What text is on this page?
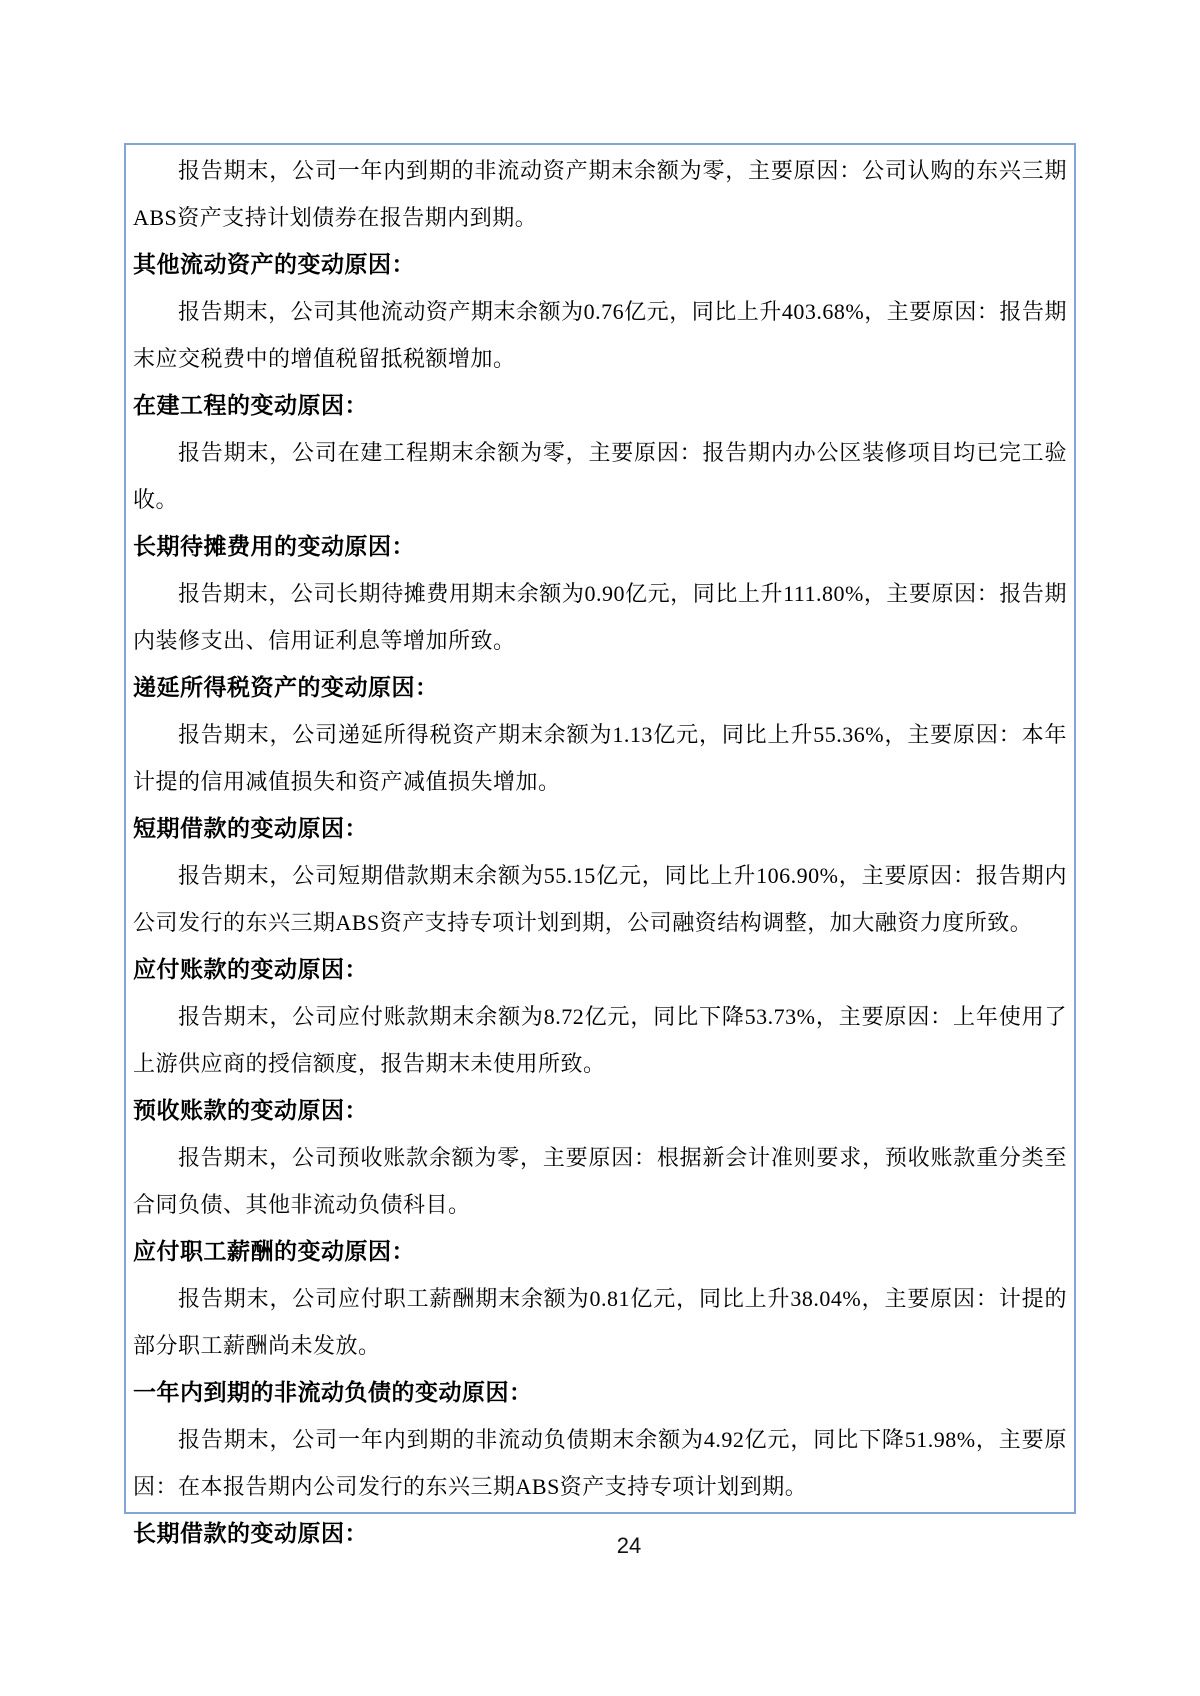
报告期末，公司一年内到期的非流动资产期末余额为零，主要原因：公司认购的东兴三期ABS资产支持计划债券在报告期内到期。
其他流动资产的变动原因：
报告期末，公司其他流动资产期末余额为0.76亿元，同比上升403.68%，主要原因：报告期末应交税费中的增值税留抵税额增加。
在建工程的变动原因：
报告期末，公司在建工程期末余额为零，主要原因：报告期内办公区装修项目均已完工验收。
长期待摊费用的变动原因：
报告期末，公司长期待摊费用期末余额为0.90亿元，同比上升111.80%，主要原因：报告期内装修支出、信用证利息等增加所致。
递延所得税资产的变动原因：
报告期末，公司递延所得税资产期末余额为1.13亿元，同比上升55.36%，主要原因：本年计提的信用减值损失和资产减值损失增加。
短期借款的变动原因：
报告期末，公司短期借款期末余额为55.15亿元，同比上升106.90%，主要原因：报告期内公司发行的东兴三期ABS资产支持专项计划到期，公司融资结构调整，加大融资力度所致。
应付账款的变动原因：
报告期末，公司应付账款期末余额为8.72亿元，同比下降53.73%，主要原因：上年使用了上游供应商的授信额度，报告期末未使用所致。
预收账款的变动原因：
报告期末，公司预收账款余额为零，主要原因：根据新会计准则要求，预收账款重分类至合同负债、其他非流动负债科目。
应付职工薪酬的变动原因：
报告期末，公司应付职工薪酬期末余额为0.81亿元，同比上升38.04%，主要原因：计提的部分职工薪酬尚未发放。
一年内到期的非流动负债的变动原因：
报告期末，公司一年内到期的非流动负债期末余额为4.92亿元，同比下降51.98%，主要原因：在本报告期内公司发行的东兴三期ABS资产支持专项计划到期。
长期借款的变动原因：	24
